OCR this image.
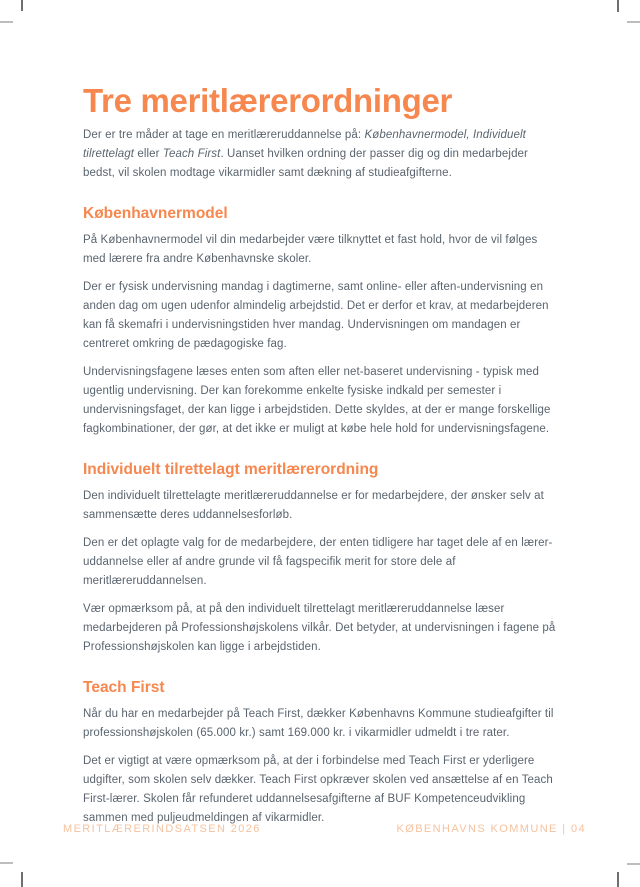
Tre meritlærerordninger

Der er tre måder at tage en meritlæreruddannelse på: Københavnermodel, Individuelt tilrettelagt eller Teach First. Uanset hvilken ordning der passer dig og din medarbejder bedst, vil skolen modtage vikarmidler samt dækning af studieafgifterne.

Københavnermodel

På Københavnermodel vil din medarbejder være tilknyttet et fast hold, hvor de vil følges med lærere fra andre Københavnske skoler.

Der er fysisk undervisning mandag i dagtimerne, samt online- eller aften-undervisning en anden dag om ugen udenfor almindelig arbejdstid. Det er derfor et krav, at medarbejderen kan få skemafri i undervisningstiden hver mandag. Undervisningen om mandagen er centreret omkring de pædagogiske fag.

Undervisningsfagene læses enten som aften eller net-baseret undervisning - typisk med ugentlig undervisning. Der kan forekomme enkelte fysiske indkald per semester i undervisningsfaget, der kan ligge i arbejdstiden. Dette skyldes, at der er mange forskellige fagkombinationer, der gør, at det ikke er muligt at købe hele hold for undervisningsfagene.

Individuelt tilrettelagt meritlærerordning

Den individuelt tilrettelagte meritlæreruddannelse er for medarbejdere, der ønsker selv at sammensætte deres uddannelsesforløb.

Den er det oplagte valg for de medarbejdere, der enten tidligere har taget dele af en lærer-uddannelse eller af andre grunde vil få fagspecifik merit for store dele af meritlæreruddannelsen.

Vær opmærksom på, at på den individuelt tilrettelagt meritlæreruddannelse læser medarbejderen på Professionshøjskolens vilkår. Det betyder, at undervisningen i fagene på Professionshøjskolen kan ligge i arbejdstiden.

Teach First

Når du har en medarbejder på Teach First, dækker Københavns Kommune studieafgifter til professionshøjskolen (65.000 kr.) samt 169.000 kr. i vikarmidler udmeldt i tre rater.

Det er vigtigt at være opmærksom på, at der i forbindelse med Teach First er yderligere udgifter, som skolen selv dækker. Teach First opkræver skolen ved ansættelse af en Teach First-lærer. Skolen får refunderet uddannelsesafgifterne af BUF Kompetenceudvikling sammen med puljeudmeldingen af vikarmidler.

MERITLÆRERINDSATSEN 2026	KØBENHAVNS KOMMUNE | 04
